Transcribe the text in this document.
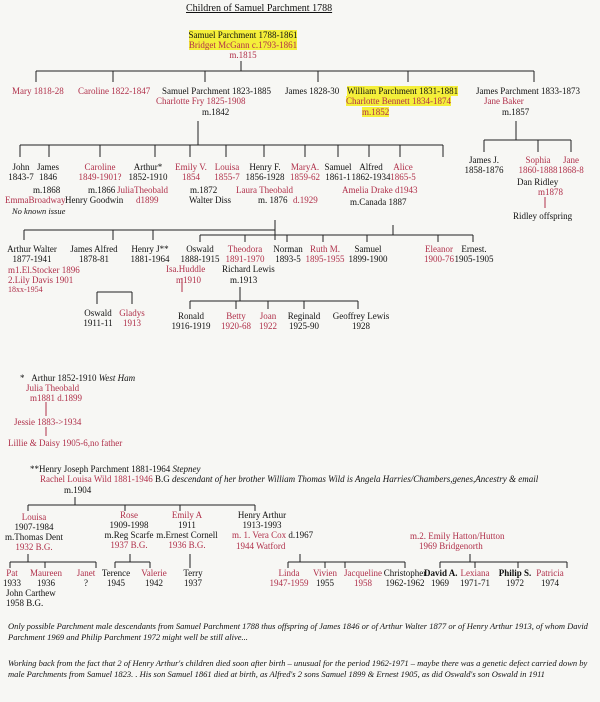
Children of Samuel Parchment 1788
Samuel Parchment 1788-1861
Bridget McGann c.1793-1861
m.1815
Mary 1818-28 Caroline 1822-1847 Samuel Parchment 1823-1885
Charlotte Fry 1825-1908
m.1842
James 1828-30 William Parchment 1831-1881
Charlotte Bennett 1834-1874
m.1852
James Parchment 1833-1873
Jane Baker
m.1857
John
1843-7
James
1846
m.1868
EmmaBroadway
No known issue
Caroline
1849-1901?
m.1866
Henry Goodwin
Arthur*
1852-1910
JuliaTheobald
d1899
Emily V.
1854
Louisa
1855-7
m.1872
Walter Diss
Henry F.
1856-1928
Laura Theobald
m. 1876 d.1929
MaryA.
1859-62
Samuel
1861-1
Alfred
1862-1934
Amelia Drake d1943
m.Canada 1887
Alice
1865-5
James J.
1858-1876
Sophia
1860-1888
Jane
1868-8
Dan Ridley
m1878
Ridley offspring
Arthur Walter
1877-1941
m1.El.Stocker 1896
2.Lily Davis 1901
18xx-1954
James Alfred
1878-81
Henry J**
1881-1964
Oswald
1888-1915
Isa.Huddle
m1910
Theodora
1891-1970
Richard Lewis
m.1913
Norman
1893-5
Ruth M.
1895-1955
Samuel
1899-1900
Eleanor
1900-76
Ernest.
1905-1905
Oswald
1911-11
Gladys
1913
Ronald
1916-1919
Betty
1920-68
Joan
1922
Reginald
1925-90
Geoffrey Lewis
1928
* Arthur 1852-1910 West Ham
Julia Theobald
m1881 d.1899
Jessie 1883->1934
Lillie & Daisy 1905-6,no father
**Henry Joseph Parchment 1881-1964 Stepney
Rachel Louisa Wild 1881-1946 B.G descendant of her brother William Thomas Wild is Angela Harries/Chambers,genes,Ancestry & email
m.1904
Louisa
1907-1984
m.Thomas Dent
1932 B.G.
Rose
1909-1998
m.Reg Scarfe
1937 B.G.
Emily A
1911
m.Ernest Cornell
1936 B.G.
Henry Arthur
1913-1993
m. 1. Vera Cox d.1967
1944 Watford
m.2. Emily Hatton/Hutton
1969 Bridgenorth
Pat
1933
John Carthew
1958 B.G.
Maureen
1936
Janet
?
Terence
1945
Valerie
1942
Terry
1937
Linda
1947-1959
Vivien
1955
Jacqueline
1958
Christopher
1962-1962
David A.
1969
Lexiana
1971-71
Philip S.
1972
Patricia
1974
Only possible Parchment male descendants from Samuel Parchment 1788 thus offspring of James 1846 or of Arthur Walter 1877 or of Henry Arthur 1913, of whom David Parchment 1969 and Philip Parchment 1972 might well be still alive...
Working back from the fact that 2 of Henry Arthur's children died soon after birth – unusual for the period 1962-1971 – maybe there was a genetic defect carried down by male Parchments from Samuel 1823. . His son Samuel 1861 died at birth, as Alfred's 2 sons Samuel 1899 & Ernest 1905, as did Oswald's son Oswald in 1911
